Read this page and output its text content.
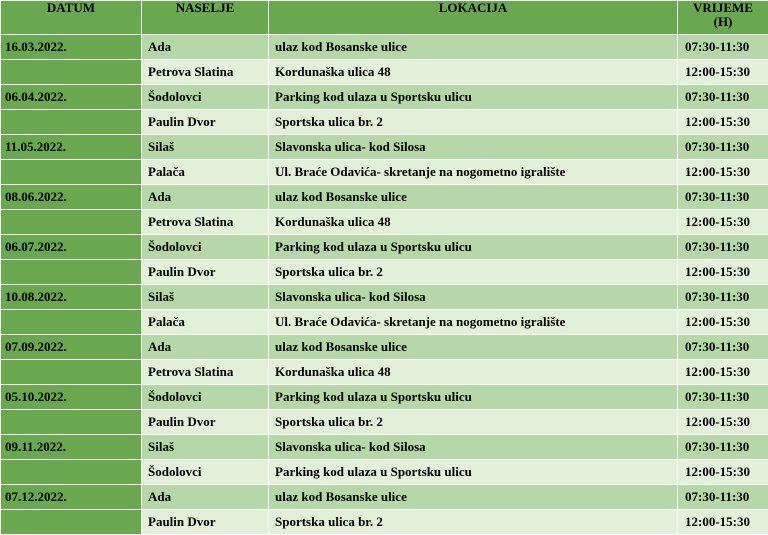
DATUM	NASELJE	LOKACIJA	VRIJEME
(H)

16.03.2022.	Ada	ulaz kod Bosanske ulice	07:30-11:30
	Petrova Slatina	Kordunaška ulica 48	12:00-15:30
06.04.2022.	Šodolovci	Parking kod ulaza u Sportsku ulicu	07:30-11:30
	Paulin Dvor	Sportska ulica br. 2	12:00-15:30
11.05.2022.	Silaš	Slavonska ulica- kod Silosa	07:30-11:30
	Palača	Ul. Braće Odavića- skretanje na nogometno igralište	12:00-15:30
08.06.2022.	Ada	ulaz kod Bosanske ulice	07:30-11:30
	Petrova Slatina	Kordunaška ulica 48	12:00-15:30
06.07.2022.	Šodolovci	Parking kod ulaza u Sportsku ulicu	07:30-11:30
	Paulin Dvor	Sportska ulica br. 2	12:00-15:30
10.08.2022.	Silaš	Slavonska ulica- kod Silosa	07:30-11:30
	Palača	Ul. Braće Odavića- skretanje na nogometno igralište	12:00-15:30
07.09.2022.	Ada	ulaz kod Bosanske ulice	07:30-11:30
	Petrova Slatina	Kordunaška ulica 48	12:00-15:30
05.10.2022.	Šodolovci	Parking kod ulaza u Sportsku ulicu	07:30-11:30
	Paulin Dvor	Sportska ulica br. 2	12:00-15:30
09.11.2022.	Silaš	Slavonska ulica- kod Silosa	07:30-11:30
	Šodolovci	Parking kod ulaza u Sportsku ulicu	12:00-15:30
07.12.2022.	Ada	ulaz kod Bosanske ulice	07:30-11:30
	Paulin Dvor	Sportska ulica br. 2	12:00-15:30
